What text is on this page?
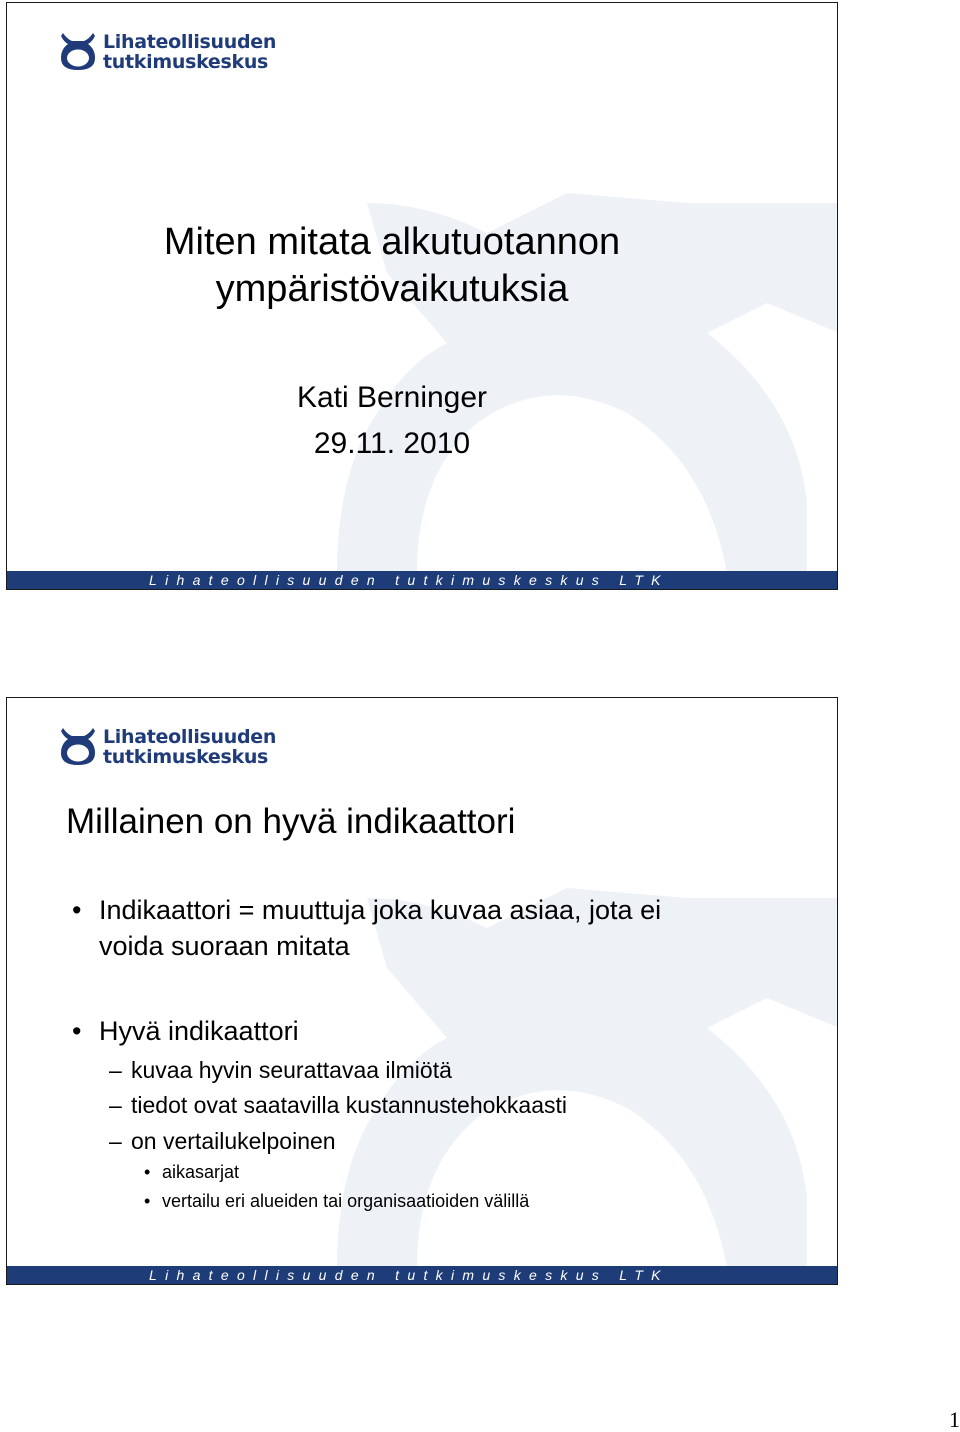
Lihateollisuuden
tutkimuskeskus
Miten mitata alkutuotannon
ympäristövaikutuksia
Kati Berninger
29.11. 2010
Lihateollisuuden tutkimuskeskus LTK
Lihateollisuuden
tutkimuskeskus
Lihateollisuuden tutkimuskeskus LTK
Millainen on hyvä indikaattori
• Indikaattori = muuttuja joka kuvaa asiaa, jota ei
voida suoraan mitata
• Hyvä indikaattori
– kuvaa hyvin seurattavaa ilmiötä
– tiedot ovat saatavilla kustannustehokkaasti
– on vertailukelpoinen
• aikasarjat
• vertailu eri alueiden tai organisaatioiden välillä
1
